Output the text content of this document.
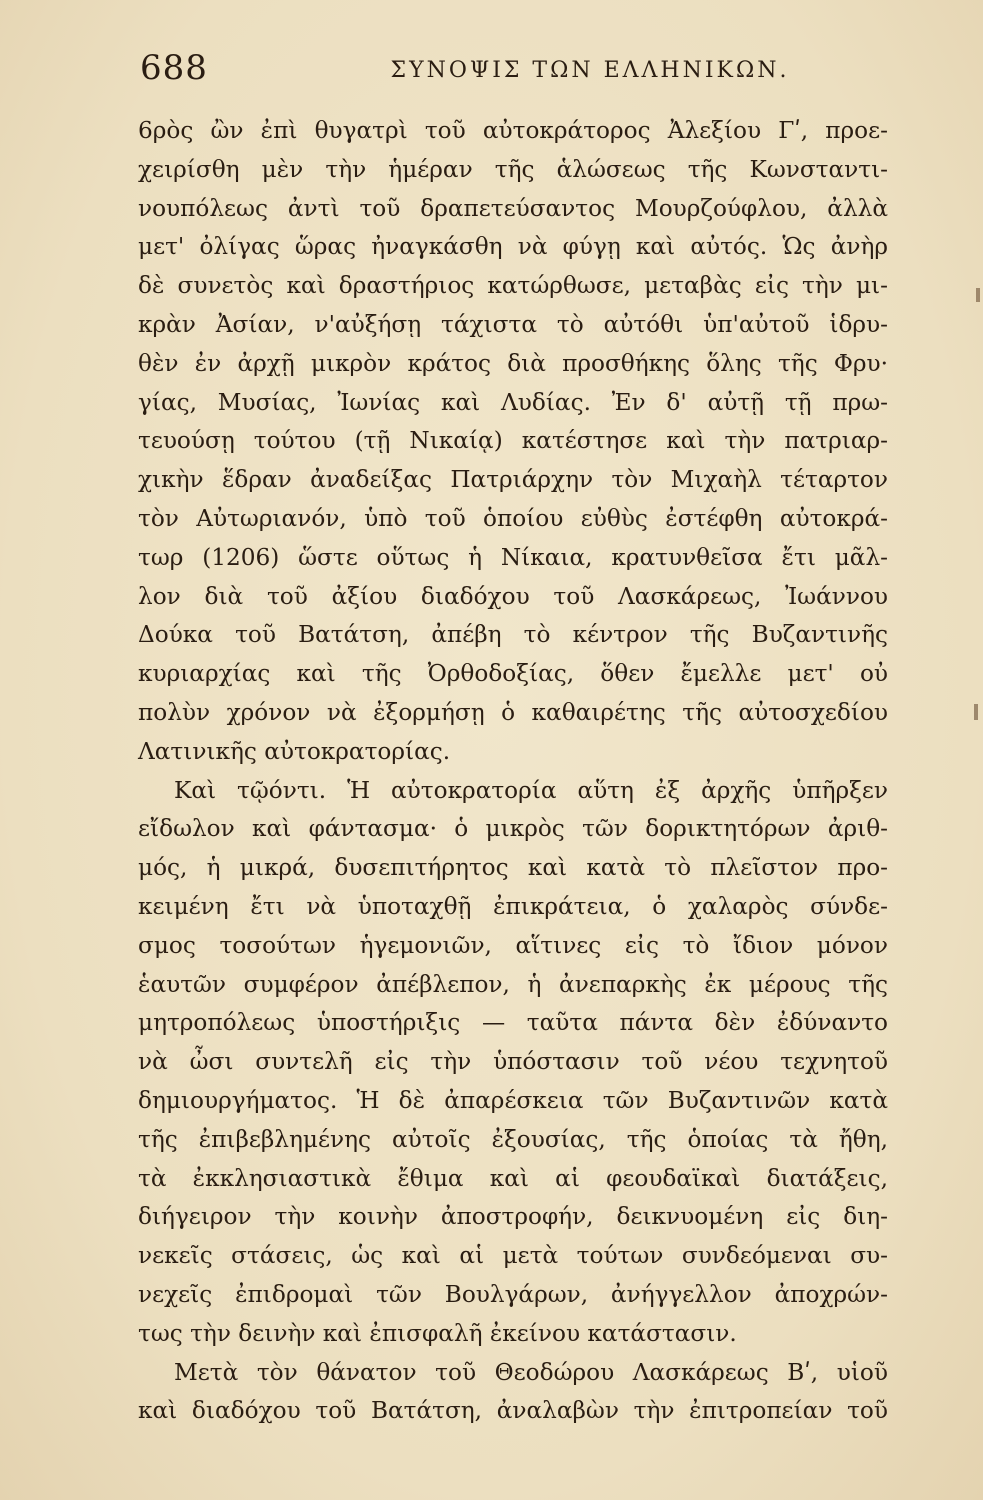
688	ΣΥΝΟΨΙΣ ΤΩΝ ΕΛΛΗΝΙΚΩΝ.
6ρὸς ὢν ἐπὶ θυγατρὶ τοῦ αὐτοκράτορος Ἀλεξίου Γʹ, προε-
χειρίσθη μὲν τὴν ἡμέραν τῆς ἁλώσεως τῆς Κωνσταντι-
νουπόλεως ἀντὶ τοῦ δραπετεύσαντος Μουρζούφλου, ἀλλὰ
μετ' ὀλίγας ὥρας ἠναγκάσθη νὰ φύγῃ καὶ αὐτός. Ὡς ἀνὴρ
δὲ συνετὸς καὶ δραστήριος κατώρθωσε, μεταβὰς εἰς τὴν μι-
κρὰν Ἀσίαν, ν'αὐξήσῃ τάχιστα τὸ αὐτόθι ὑπ'αὐτοῦ ἱδρυ-
θὲν ἐν ἀρχῇ μικρὸν κράτος διὰ προσθήκης ὅλης τῆς Φρυ·
γίας, Μυσίας, Ἰωνίας καὶ Λυδίας. Ἐν δ' αὐτῇ τῇ πρω-
τευούσῃ τούτου (τῇ Νικαίᾳ) κατέστησε καὶ τὴν πατριαρ-
χικὴν ἕδραν ἀναδείξας Πατριάρχην τὸν Μιχαὴλ τέταρτον
τὸν Αὐτωριανόν, ὑπὸ τοῦ ὁποίου εὐθὺς ἐστέφθη αὐτοκρά-
τωρ (1206) ὥστε οὕτως ἡ Νίκαια, κρατυνθεῖσα ἔτι μᾶλ-
λον διὰ τοῦ ἀξίου διαδόχου τοῦ Λασκάρεως, Ἰωάννου
Δούκα τοῦ Βατάτση, ἀπέβη τὸ κέντρον τῆς Βυζαντινῆς
κυριαρχίας καὶ τῆς Ὀρθοδοξίας, ὅθεν ἔμελλε μετ' οὐ
πολὺν χρόνον νὰ ἐξορμήσῃ ὁ καθαιρέτης τῆς αὐτοσχεδίου
Λατινικῆς αὐτοκρατορίας.
Καὶ τῷόντι. Ἡ αὐτοκρατορία αὕτη ἐξ ἀρχῆς ὑπῆρξεν
εἴδωλον καὶ φάντασμα· ὁ μικρὸς τῶν δορικτητόρων ἀριθ-
μός, ἡ μικρά, δυσεπιτήρητος καὶ κατὰ τὸ πλεῖστον προ-
κειμένη ἔτι νὰ ὑποταχθῇ ἐπικράτεια, ὁ χαλαρὸς σύνδε-
σμος τοσούτων ἡγεμονιῶν, αἵτινες εἰς τὸ ἴδιον μόνον
ἑαυτῶν συμφέρον ἀπέβλεπον, ἡ ἀνεπαρκὴς ἐκ μέρους τῆς
μητροπόλεως ὑποστήριξις — ταῦτα πάντα δὲν ἐδύναντο
νὰ ὦσι συντελῆ εἰς τὴν ὑπόστασιν τοῦ νέου τεχνητοῦ
δημιουργήματος. Ἡ δὲ ἀπαρέσκεια τῶν Βυζαντινῶν κατὰ
τῆς ἐπιβεβλημένης αὐτοῖς ἐξουσίας, τῆς ὁποίας τὰ ἤθη,
τὰ ἐκκλησιαστικὰ ἔθιμα καὶ αἱ φεουδαϊκαὶ διατάξεις,
διήγειρον τὴν κοινὴν ἀποστροφήν, δεικνυομένη εἰς διη-
νεκεῖς στάσεις, ὡς καὶ αἱ μετὰ τούτων συνδεόμεναι συ-
νεχεῖς ἐπιδρομαὶ τῶν Βουλγάρων, ἀνήγγελλον ἀποχρών-
τως τὴν δεινὴν καὶ ἐπισφαλῆ ἐκείνου κατάστασιν.
Μετὰ τὸν θάνατον τοῦ Θεοδώρου Λασκάρεως Βʹ, υἱοῦ
καὶ διαδόχου τοῦ Βατάτση, ἀναλαβὼν τὴν ἐπιτροπείαν τοῦ
